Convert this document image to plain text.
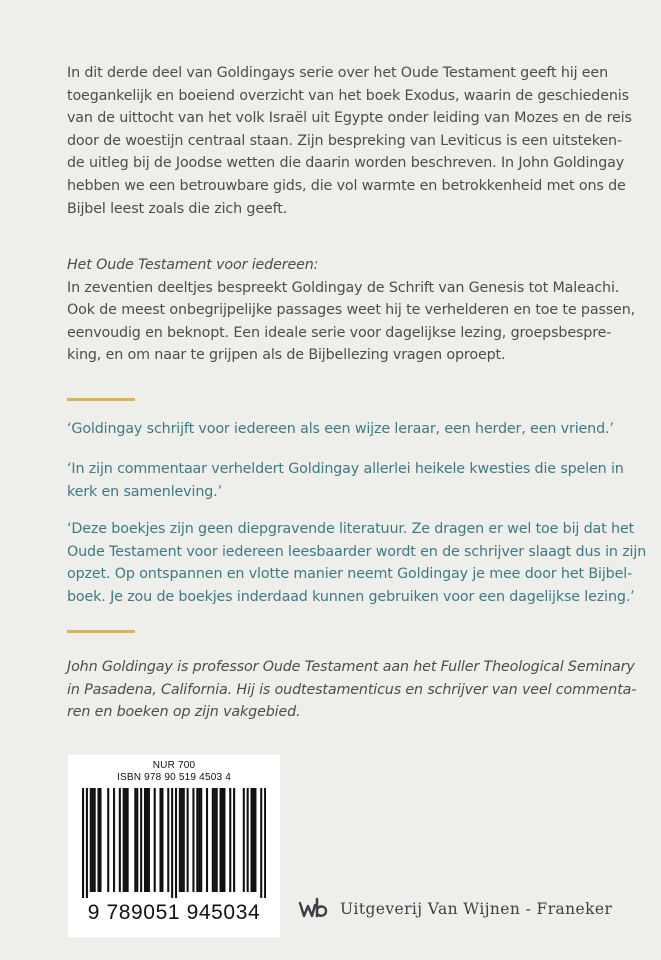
In dit derde deel van Goldingays serie over het Oude Testament geeft hij een
toegankelijk en boeiend overzicht van het boek Exodus, waarin de geschiedenis
van de uittocht van het volk Israël uit Egypte onder leiding van Mozes en de reis
door de woestijn centraal staan. Zijn bespreking van Leviticus is een uitsteken-
de uitleg bij de Joodse wetten die daarin worden beschreven. In John Goldingay
hebben we een betrouwbare gids, die vol warmte en betrokkenheid met ons de
Bijbel leest zoals die zich geeft.
Het Oude Testament voor iedereen:
In zeventien deeltjes bespreekt Goldingay de Schrift van Genesis tot Maleachi.
Ook de meest onbegrijpelijke passages weet hij te verhelderen en toe te passen,
eenvoudig en beknopt. Een ideale serie voor dagelijkse lezing, groepsbespre-
king, en om naar te grijpen als de Bijbellezing vragen oproept.
‘Goldingay schrijft voor iedereen als een wijze leraar, een herder, een vriend.’
‘In zijn commentaar verheldert Goldingay allerlei heikele kwesties die spelen in
kerk en samenleving.’
‘Deze boekjes zijn geen diepgravende literatuur. Ze dragen er wel toe bij dat het
Oude Testament voor iedereen leesbaarder wordt en de schrijver slaagt dus in zijn
opzet. Op ontspannen en vlotte manier neemt Goldingay je mee door het Bijbel-
boek. Je zou de boekjes inderdaad kunnen gebruiken voor een dagelijkse lezing.’
John Goldingay is professor Oude Testament aan het Fuller Theological Seminary
in Pasadena, California. Hij is oudtestamenticus en schrijver van veel commenta-
ren en boeken op zijn vakgebied.
NUR 700
ISBN 978 90 519 4503 4
9 789051 945034	Uitgeverij Van Wijnen - Franeker
